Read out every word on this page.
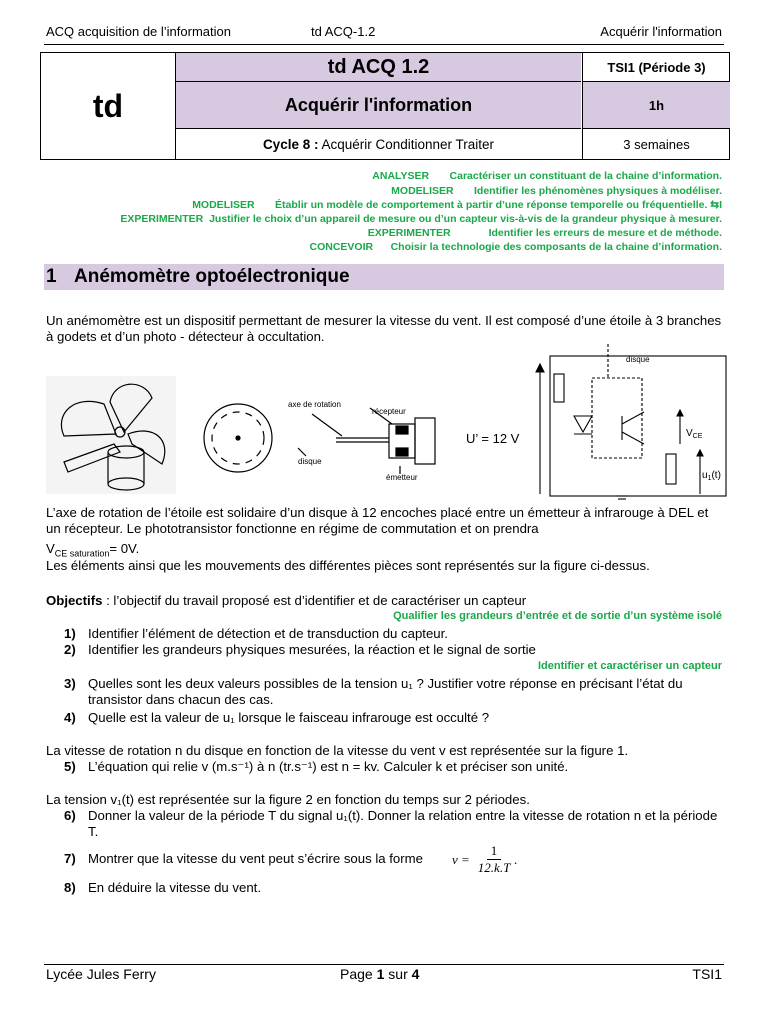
ACQ acquisition de l’information	td ACQ-1.2	Acquérir l'information
td
td ACQ 1.2	TSI1 (Période 3)
Acquérir l'information	1h
Cycle 8 : Acquérir Conditionner Traiter	3 semaines
ANALYSER Caractériser un constituant de la chaine d’information.
MODELISER Identifier les phénomènes physiques à modéliser.
MODELISER Établir un modèle de comportement à partir d’une réponse temporelle ou fréquentielle. ⇆I
EXPERIMENTER Justifier le choix d’un appareil de mesure ou d’un capteur vis-à-vis de la grandeur physique à mesurer.
EXPERIMENTER	Identifier les erreurs de mesure et de méthode.
CONCEVOIR Choisir la technologie des composants de la chaine d’information.
1 Anémomètre optoélectronique
Un anémomètre est un dispositif permettant de mesurer la vitesse du vent. Il est composé d’une étoile à 3 branches à godets et d’un photo - détecteur à occultation.
axe de rotation
récepteur
disque
émetteur
U’ = 12 V
disque
$V_{CE}$
$u_1(t)$
L’axe de rotation de l’étoile est solidaire d’un disque à 12 encoches placé entre un émetteur à infrarouge à DEL et un récepteur. Le phototransistor fonctionne en régime de commutation et on prendra
$V_{CE saturation}= 0V$.
Les éléments ainsi que les mouvements des différentes pièces sont représentés sur la figure ci-dessus.
Objectifs : l’objectif du travail proposé est d’identifier et de caractériser un capteur
Qualifier les grandeurs d’entrée et de sortie d’un système isolé
1) Identifier l’élément de détection et de transduction du capteur.
2) Identifier les grandeurs physiques mesurées, la réaction et le signal de sortie
Identifier et caractériser un capteur
3) Quelles sont les deux valeurs possibles de la tension u₁ ? Justifier votre réponse en précisant l’état du transistor dans chacun des cas.
4) Quelle est la valeur de u₁ lorsque le faisceau infrarouge est occulté ?
La vitesse de rotation n du disque en fonction de la vitesse du vent v est représentée sur la figure 1.
5) L’équation qui relie v (m.s⁻¹) à n (tr.s⁻¹) est n = kv. Calculer k et préciser son unité.
La tension v₁(t) est représentée sur la figure 2 en fonction du temps sur 2 périodes.
6) Donner la valeur de la période T du signal u₁(t). Donner la relation entre la vitesse de rotation n et la période T.
7) Montrer que la vitesse du vent peut s’écrire sous la forme	$v = \frac{1}{12.k.T}$ .
8) En déduire la vitesse du vent.
Lycée Jules Ferry	Page 1 sur 4	TSI1
